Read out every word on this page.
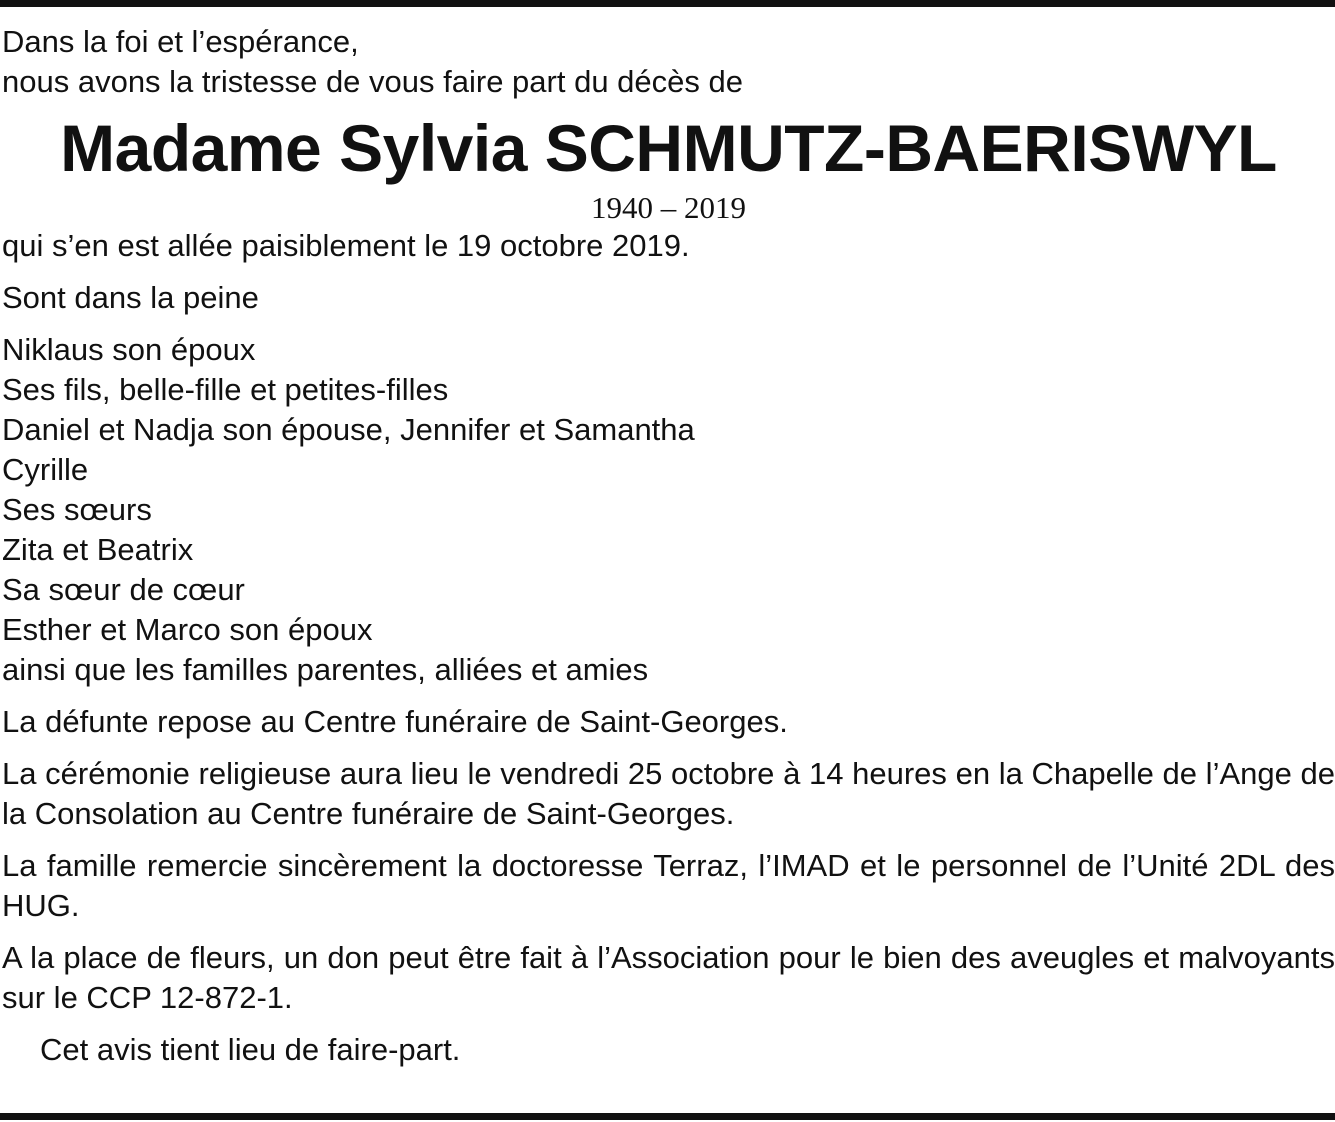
Dans la foi et l’espérance,

nous avons la tristesse de vous faire part du décès de

Madame Sylvia SCHMUTZ-BAERISWYL

1940 – 2019

qui s’en est allée paisiblement le 19 octobre 2019.

Sont dans la peine

Niklaus son époux

Ses fils, belle-fille et petites-filles

Daniel et Nadja son épouse, Jennifer et Samantha

Cyrille

Ses sœurs

Zita et Beatrix

Sa sœur de cœur

Esther et Marco son époux

ainsi que les familles parentes, alliées et amies

La défunte repose au Centre funéraire de Saint-Georges.

La cérémonie religieuse aura lieu le vendredi 25 octobre à 14 heures en la Chapelle de l’Ange de la Consolation au Centre funéraire de Saint-Georges.

La famille remercie sincèrement la doctoresse Terraz, l’IMAD et le personnel de l’Unité 2DL des HUG.

A la place de fleurs, un don peut être fait à l’Association pour le bien des aveugles et malvoyants sur le CCP 12-872-1.

Cet avis tient lieu de faire-part.
